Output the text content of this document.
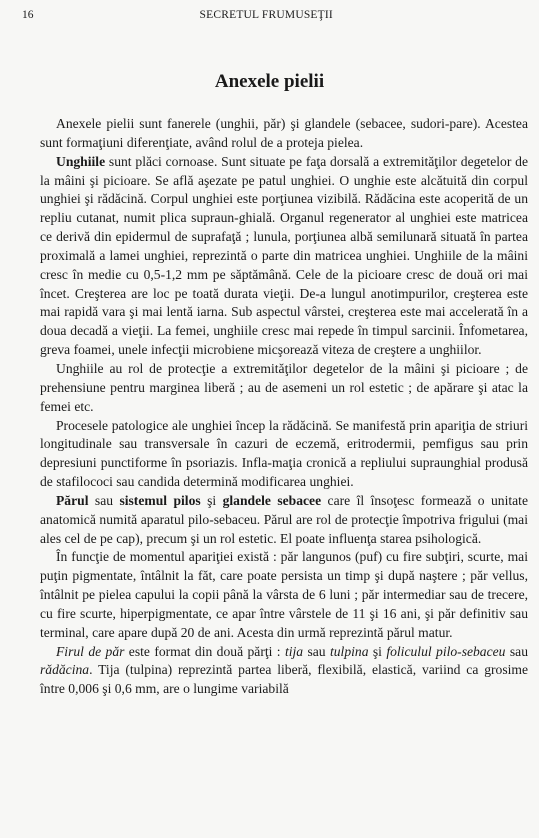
16	SECRETUL FRUMUSEŢII
Anexele pielii

Anexele pielii sunt fanerele (unghii, păr) şi glandele (sebacee, sudori-pare). Acestea sunt formaţiuni diferenţiate, având rolul de a proteja pielea.

Unghiile sunt plăci cornoase. Sunt situate pe faţa dorsală a extremităţilor degetelor de la mâini şi picioare. Se află aşezate pe patul unghiei. O unghie este alcătuită din corpul unghiei şi rădăcină. Corpul unghiei este porţiunea vizibilă. Rădăcina este acoperită de un repliu cutanat, numit plica supraun-ghială. Organul regenerator al unghiei este matricea ce derivă din epidermul de suprafaţă ; lunula, porţiunea albă semilunară situată în partea proximală a lamei unghiei, reprezintă o parte din matricea unghiei. Unghiile de la mâini cresc în medie cu 0,5-1,2 mm pe săptămână. Cele de la picioare cresc de două ori mai încet. Creşterea are loc pe toată durata vieţii. De-a lungul anotimpurilor, creşterea este mai rapidă vara şi mai lentă iarna. Sub aspectul vârstei, creşterea este mai accelerată în a doua decadă a vieţii. La femei, unghiile cresc mai repede în timpul sarcinii. Înfometarea, greva foamei, unele infecţii microbiene micşorează viteza de creştere a unghiilor.

Unghiile au rol de protecţie a extremităţilor degetelor de la mâini şi picioare ; de prehensiune pentru marginea liberă ; au de asemeni un rol estetic ; de apărare şi atac la femei etc.

Procesele patologice ale unghiei încep la rădăcină. Se manifestă prin apariţia de striuri longitudinale sau transversale în cazuri de eczemă, eritrodermii, pemfigus sau prin depresiuni punctiforme în psoriazis. Infla-maţia cronică a repliului supraunghial produsă de stafilococi sau candida determină modificarea unghiei.

Părul sau sistemul pilos şi glandele sebacee care îl însoţesc formează o unitate anatomică numită aparatul pilo-sebaceu. Părul are rol de protecţie împotriva frigului (mai ales cel de pe cap), precum şi un rol estetic. El poate influenţa starea psihologică.

În funcţie de momentul apariţiei există : păr langunos (puf) cu fire subţiri, scurte, mai puţin pigmentate, întâlnit la făt, care poate persista un timp şi după naştere ; păr vellus, întâlnit pe pielea capului la copii până la vârsta de 6 luni ; păr intermediar sau de trecere, cu fire scurte, hiperpigmentate, ce apar între vârstele de 11 şi 16 ani, şi păr definitiv sau terminal, care apare după 20 de ani. Acesta din urmă reprezintă părul matur.

Firul de păr este format din două părţi : tija sau tulpina şi foliculul pilo-sebaceu sau rădăcina. Tija (tulpina) reprezintă partea liberă, flexibilă, elastică, variind ca grosime între 0,006 şi 0,6 mm, are o lungime variabilă
